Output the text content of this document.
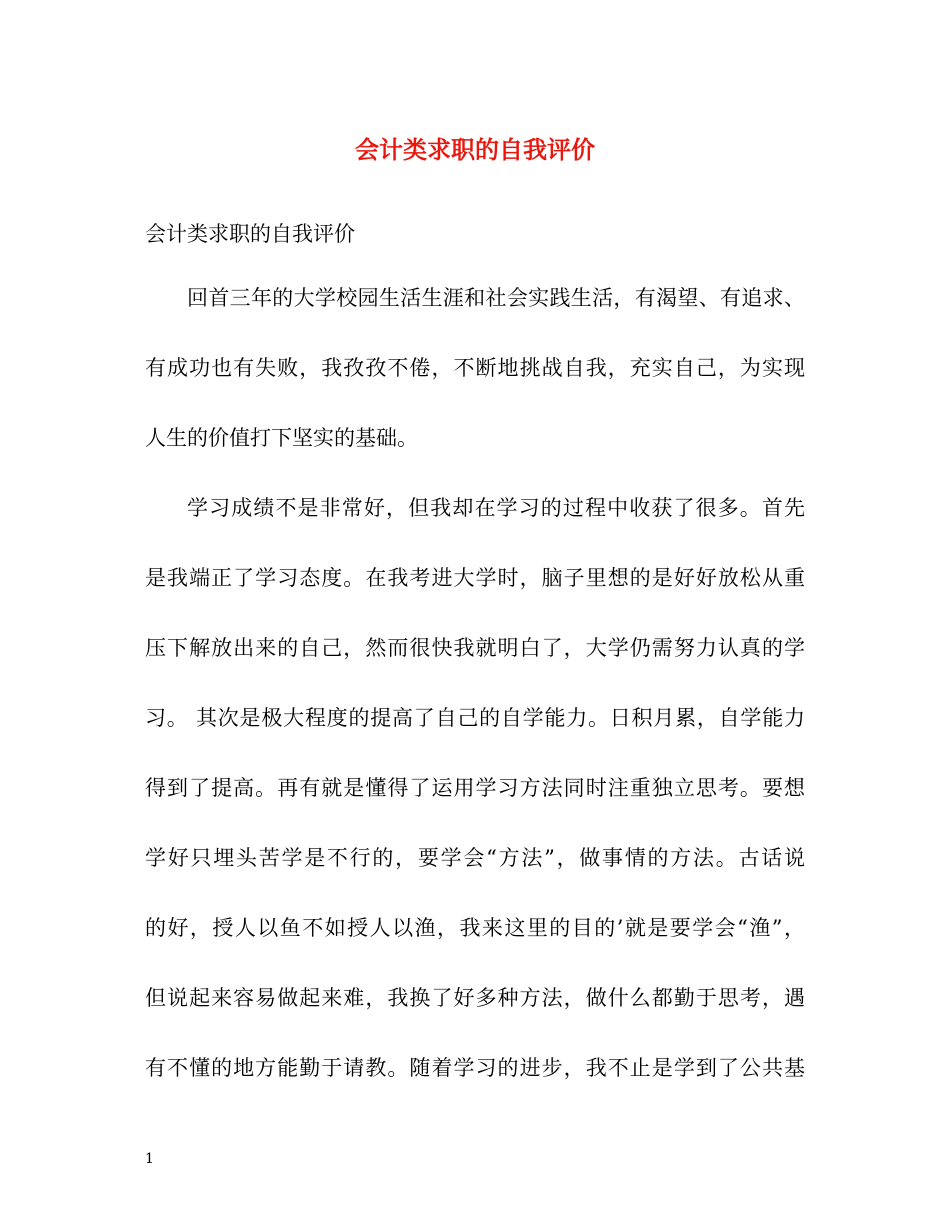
会计类求职的自我评价

会计类求职的自我评价

回首三年的大学校园生活生涯和社会实践生活，有渴望、有追求、

有成功也有失败，我孜孜不倦，不断地挑战自我，充实自己，为实现

人生的价值打下坚实的基础。

学习成绩不是非常好，但我却在学习的过程中收获了很多。首先

是我端正了学习态度。在我考进大学时，脑子里想的是好好放松从重

压下解放出来的自己，然而很快我就明白了，大学仍需努力认真的学

习。 其次是极大程度的提高了自己的自学能力。日积月累，自学能力

得到了提高。再有就是懂得了运用学习方法同时注重独立思考。要想

学好只埋头苦学是不行的，要学会“方法”，做事情的方法。古话说

的好，授人以鱼不如授人以渔，我来这里的目的’就是要学会“渔”，

但说起来容易做起来难，我换了好多种方法，做什么都勤于思考，遇

有不懂的地方能勤于请教。随着学习的进步，我不止是学到了公共基

1
